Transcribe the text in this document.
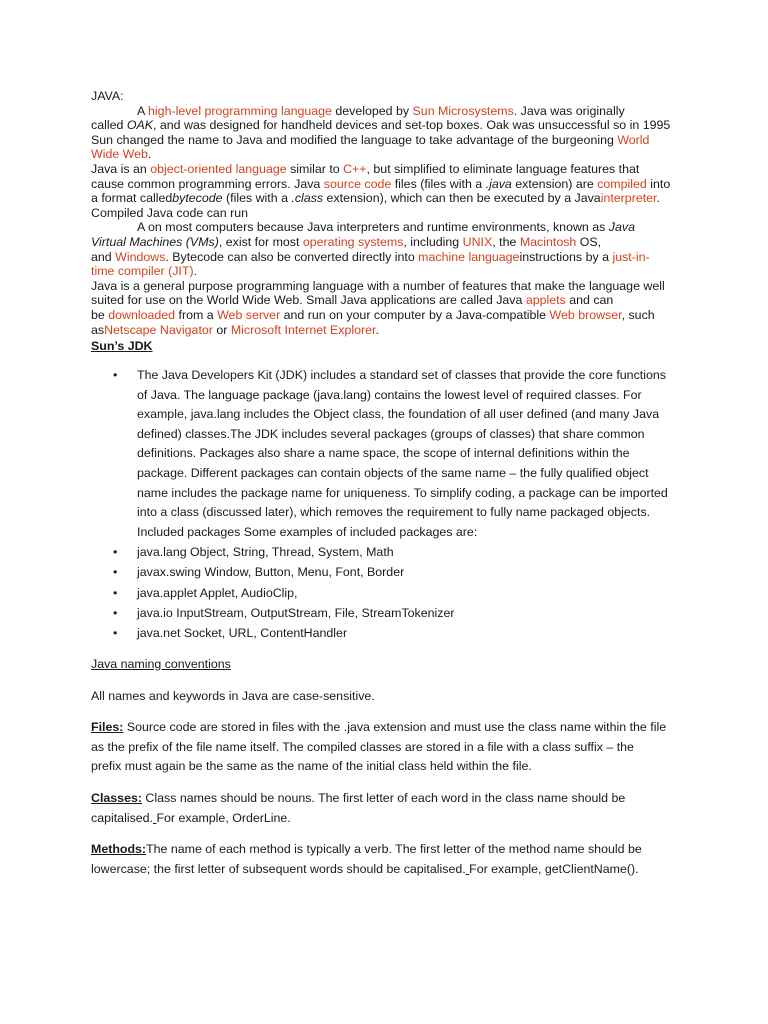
JAVA:

A high-level programming language developed by Sun Microsystems. Java was originally

called OAK, and was designed for handheld devices and set-top boxes. Oak was unsuccessful so in 1995

Sun changed the name to Java and modified the language to take advantage of the burgeoning World

Wide Web.

Java is an object-oriented language similar to C++, but simplified to eliminate language features that

cause common programming errors. Java source code files (files with a .java extension) are compiled into

a format calledbytecode (files with a .class extension), which can then be executed by a Javainterpreter.

Compiled Java code can run

A on most computers because Java interpreters and runtime environments, known as Java

Virtual Machines (VMs), exist for most operating systems, including UNIX, the Macintosh OS,

and Windows. Bytecode can also be converted directly into machine languageinstructions by a just-in-

time compiler (JIT).

Java is a general purpose programming language with a number of features that make the language well

suited for use on the World Wide Web. Small Java applications are called Java applets and can

be downloaded from a Web server and run on your computer by a Java-compatible Web browser, such

asNetscape Navigator or Microsoft Internet Explorer.

Sun’s JDK

• The Java Developers Kit (JDK) includes a standard set of classes that provide the core functions

of Java. The language package (java.lang) contains the lowest level of required classes. For

example, java.lang includes the Object class, the foundation of all user defined (and many Java

defined) classes.The JDK includes several packages (groups of classes) that share common

definitions. Packages also share a name space, the scope of internal definitions within the

package. Different packages can contain objects of the same name – the fully qualified object

name includes the package name for uniqueness. To simplify coding, a package can be imported

into a class (discussed later), which removes the requirement to fully name packaged objects.

Included packages Some examples of included packages are:

• java.lang Object, String, Thread, System, Math
• javax.swing Window, Button, Menu, Font, Border
• java.applet Applet, AudioClip,
• java.io InputStream, OutputStream, File, StreamTokenizer
• java.net Socket, URL, ContentHandler

Java naming conventions

All names and keywords in Java are case-sensitive.

Files: Source code are stored in files with the .java extension and must use the class name within the file

as the prefix of the file name itself. The compiled classes are stored in a file with a class suffix – the

prefix must again be the same as the name of the initial class held within the file.

Classes: Class names should be nouns. The first letter of each word in the class name should be

capitalised. For example, OrderLine.

Methods:The name of each method is typically a verb. The first letter of the method name should be

lowercase; the first letter of subsequent words should be capitalised. For example, getClientName().
